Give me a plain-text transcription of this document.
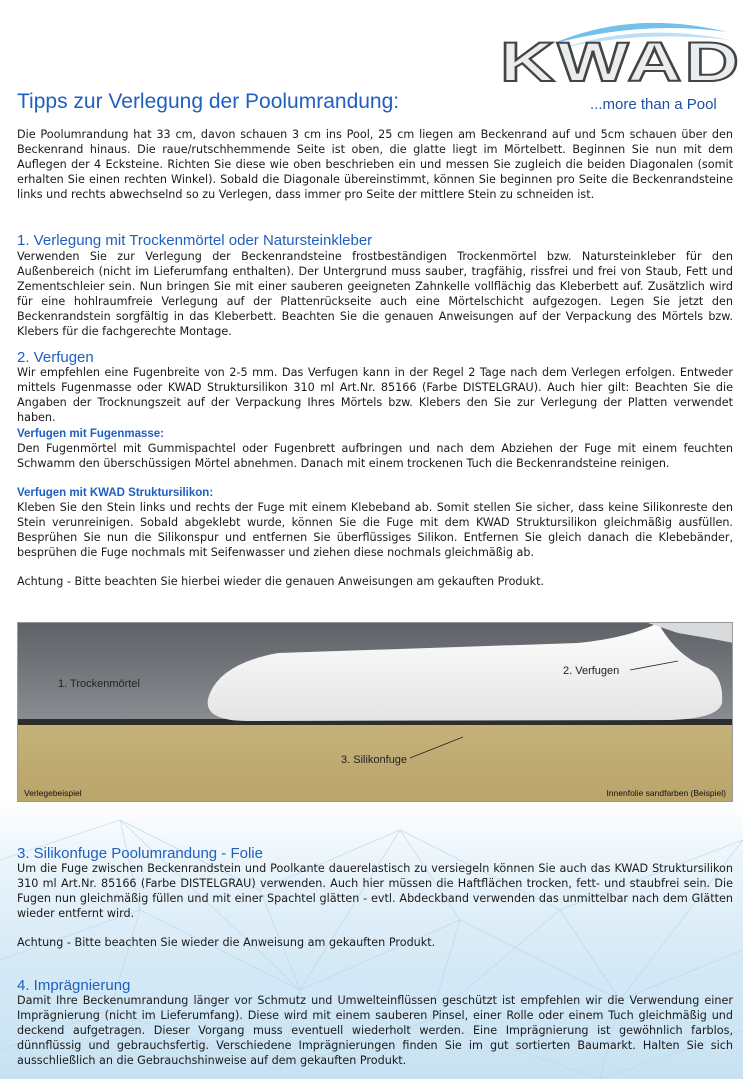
KWAD
...more than a Pool
Tipps zur Verlegung der Poolumrandung:
Die Poolumrandung hat 33 cm, davon schauen 3 cm ins Pool, 25 cm liegen am Beckenrand auf und 5cm schauen über den Beckenrand hinaus. Die raue/rutschhemmende Seite ist oben, die glatte liegt im Mörtelbett. Beginnen Sie nun mit dem Auflegen der 4 Ecksteine. Richten Sie diese wie oben beschrieben ein und messen Sie zugleich die beiden Diagonalen (somit erhalten Sie einen rechten Winkel). Sobald die Diagonale übereinstimmt, können Sie beginnen pro Seite die Beckenrandsteine links und rechts abwechselnd so zu Verlegen, dass immer pro Seite der mittlere Stein zu schneiden ist.
1. Verlegung mit Trockenmörtel oder Natursteinkleber
Verwenden Sie zur Verlegung der Beckenrandsteine frostbeständigen Trockenmörtel bzw. Natursteinkleber für den Außenbereich (nicht im Lieferumfang enthalten). Der Untergrund muss sauber, tragfähig, rissfrei und frei von Staub, Fett und Zementschleier sein. Nun bringen Sie mit einer sauberen geeigneten Zahnkelle vollflächig das Kleberbett auf. Zusätzlich wird für eine hohlraumfreie Verlegung auf der Plattenrückseite auch eine Mörtelschicht aufgezogen. Legen Sie jetzt den Beckenrandstein sorgfältig in das Kleberbett. Beachten Sie die genauen Anweisungen auf der Verpackung des Mörtels bzw. Klebers für die fachgerechte Montage.
2. Verfugen
Wir empfehlen eine Fugenbreite von 2-5 mm. Das Verfugen kann in der Regel 2 Tage nach dem Verlegen erfolgen. Entweder mittels Fugenmasse oder KWAD Struktursilikon 310 ml Art.Nr. 85166 (Farbe DISTELGRAU). Auch hier gilt: Beachten Sie die Angaben der Trocknungszeit auf der Verpackung Ihres Mörtels bzw. Klebers den Sie zur Verlegung der Platten verwendet haben.
Verfugen mit Fugenmasse:
Den Fugenmörtel mit Gummispachtel oder Fugenbrett aufbringen und nach dem Abziehen der Fuge mit einem feuchten Schwamm den überschüssigen Mörtel abnehmen. Danach mit einem trockenen Tuch die Beckenrandsteine reinigen.
Verfugen mit KWAD Struktursilikon:
Kleben Sie den Stein links und rechts der Fuge mit einem Klebeband ab. Somit stellen Sie sicher, dass keine Silikonreste den Stein verunreinigen. Sobald abgeklebt wurde, können Sie die Fuge mit dem KWAD Struktursilikon gleichmäßig ausfüllen. Besprühen Sie nun die Silikonspur und entfernen Sie überflüssiges Silikon. Entfernen Sie gleich danach die Klebebänder, besprühen die Fuge nochmals mit Seifenwasser und ziehen diese nochmals gleichmäßig ab.
Achtung - Bitte beachten Sie hierbei wieder die genauen Anweisungen am gekauften Produkt.
1. Trockenmörtel
2. Verfugen
3. Silikonfuge
Verlegebeispiel	Innenfolie sandfarben (Beispiel)
3. Silikonfuge Poolumrandung - Folie
Um die Fuge zwischen Beckenrandstein und Poolkante dauerelastisch zu versiegeln können Sie auch das KWAD Struktursilikon 310 ml Art.Nr. 85166 (Farbe DISTELGRAU) verwenden. Auch hier müssen die Haftflächen trocken, fett- und staubfrei sein. Die Fugen nun gleichmäßig füllen und mit einer Spachtel glätten - evtl. Abdeckband verwenden das unmittelbar nach dem Glätten wieder entfernt wird.
Achtung - Bitte beachten Sie wieder die Anweisung am gekauften Produkt.
4. Imprägnierung
Damit Ihre Beckenumrandung länger vor Schmutz und Umwelteinflüssen geschützt ist empfehlen wir die Verwendung einer Imprägnierung (nicht im Lieferumfang). Diese wird mit einem sauberen Pinsel, einer Rolle oder einem Tuch gleichmäßig und deckend aufgetragen. Dieser Vorgang muss eventuell wiederholt werden. Eine Imprägnierung ist gewöhnlich farblos, dünnflüssig und gebrauchsfertig. Verschiedene Imprägnierungen finden Sie im gut sortierten Baumarkt. Halten Sie sich ausschließlich an die Gebrauchshinweise auf dem gekauften Produkt.
